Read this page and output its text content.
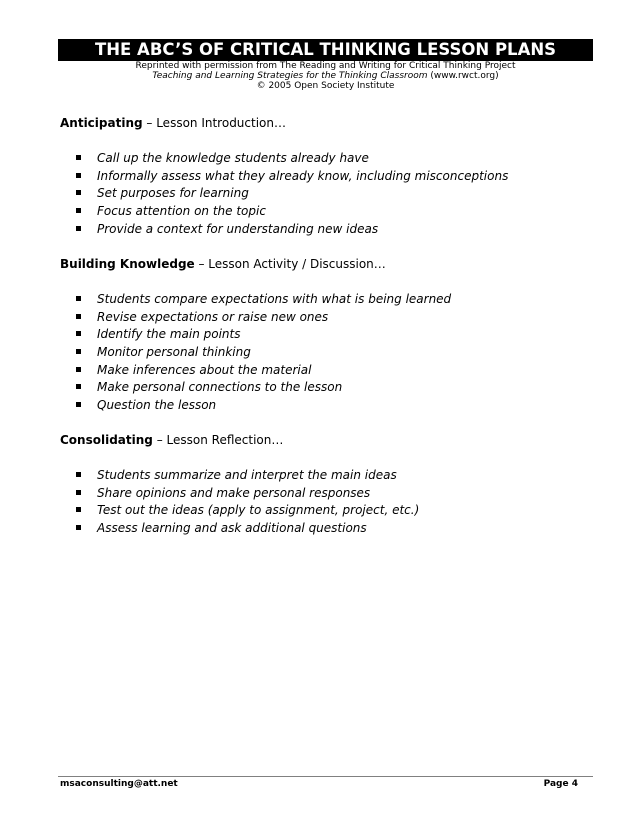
THE ABC’S OF CRITICAL THINKING LESSON PLANS
Reprinted with permission from The Reading and Writing for Critical Thinking Project
Teaching and Learning Strategies for the Thinking Classroom (www.rwct.org)
© 2005 Open Society Institute
Anticipating – Lesson Introduction…
Call up the knowledge students already have
Informally assess what they already know, including misconceptions
Set purposes for learning
Focus attention on the topic
Provide a context for understanding new ideas
Building Knowledge – Lesson Activity / Discussion…
Students compare expectations with what is being learned
Revise expectations or raise new ones
Identify the main points
Monitor personal thinking
Make inferences about the material
Make personal connections to the lesson
Question the lesson
Consolidating – Lesson Reflection…
Students summarize and interpret the main ideas
Share opinions and make personal responses
Test out the ideas (apply to assignment, project, etc.)
Assess learning and ask additional questions
msaconsulting@att.net	Page 4
